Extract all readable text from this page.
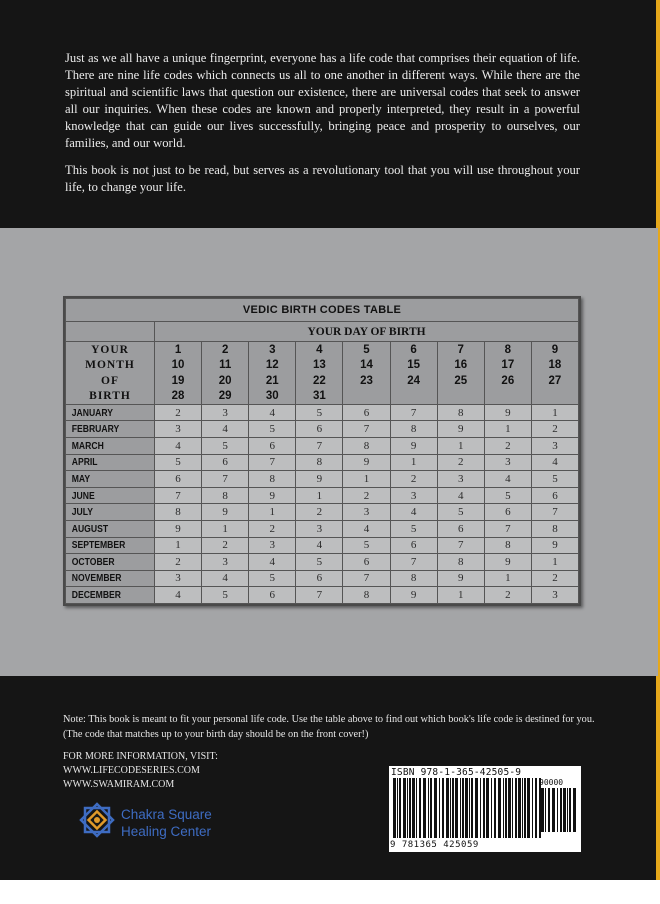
Just as we all have a unique fingerprint, everyone has a life code that comprises their equation of life. There are nine life codes which connects us all to one another in different ways. While there are the spiritual and scientific laws that question our existence, there are universal codes that seek to answer all our inquiries. When these codes are known and properly interpreted, they result in a powerful knowledge that can guide our lives successfully, bringing peace and prosperity to ourselves, our families, and our world.

This book is not just to be read, but serves as a revolutionary tool that you will use throughout your life, to change your life.

VEDIC BIRTH CODES TABLE									
	YOUR DAY OF BIRTH								
YOUR	1	2	3	4	5	6	7	8	9
MONTH	10	11	12	13	14	15	16	17	18
OF	19	20	21	22	23	24	25	26	27
BIRTH	28	29	30	31					

JANUARY	2	3	4	5	6	7	8	9	1

FEBRUARY	3	4	5	6	7	8	9	1	2

MARCH	4	5	6	7	8	9	1	2	3

APRIL	5	6	7	8	9	1	2	3	4

MAY	6	7	8	9	1	2	3	4	5

JUNE	7	8	9	1	2	3	4	5	6

JULY	8	9	1	2	3	4	5	6	7

AUGUST	9	1	2	3	4	5	6	7	8

SEPTEMBER	1	2	3	4	5	6	7	8	9

OCTOBER	2	3	4	5	6	7	8	9	1

NOVEMBER	3	4	5	6	7	8	9	1	2

DECEMBER	4	5	6	7	8	9	1	2	3
Note: This book is meant to fit your personal life code. Use the table above to find out which book's life code is destined for you. (The code that matches up to your birth day should be on the front cover!)
FOR MORE INFORMATION, VISIT:
WWW.LIFECODESERIES.COM
WWW.SWAMIRAM.COM
Chakra Square
Healing Center
ISBN 978-1-365-42505-9
90000
9 781365 425059
